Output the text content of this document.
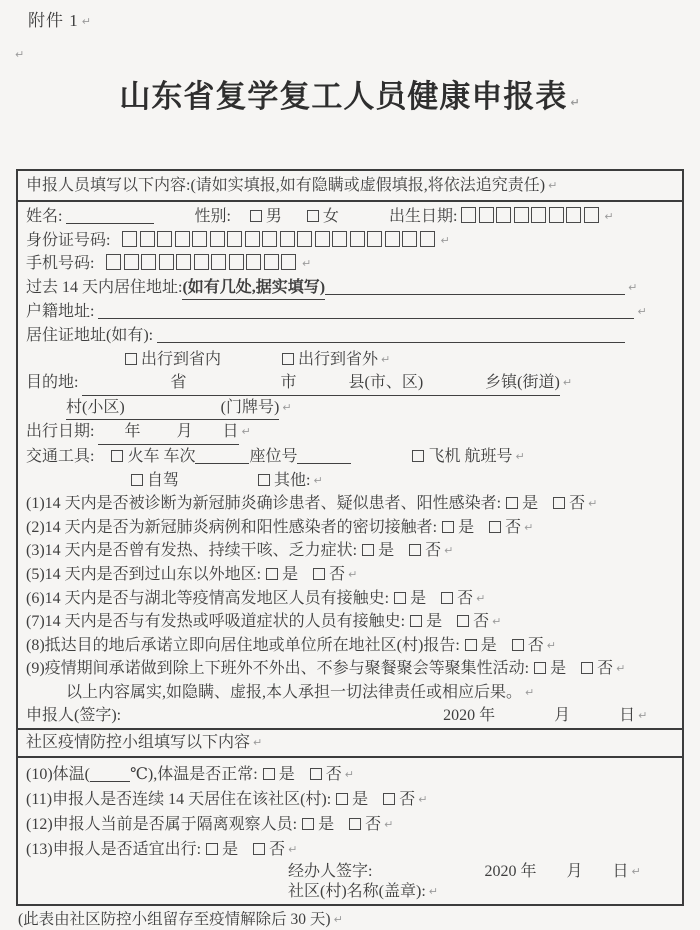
附件 1 ↵
↵
山东省复学复工人员健康申报表 ↵
申报人员填写以下内容:(请如实填报,如有隐瞒或虚假填报,将依法追究责任) ↵
姓名:	性别: 男	女	出生日期:	↵
身份证号码:	↵
手机号码:	↵
过去 14 天内居住地址:(如有几处,据实填写)	↵
户籍地址:	↵
居住证地址(如有):
出行到省内	出行到省外 ↵
目的地:	省	市	县(市、区)	乡镇(街道) ↵
村(小区)	(门牌号) ↵
出行日期: 年 月 日 ↵
交通工具: 火车 车次	座位号	飞机 航班号 ↵
自驾	其他: ↵
(1)14 天内是否被诊断为新冠肺炎确诊患者、疑似患者、阳性感染者: 是 否 ↵
(2)14 天内是否为新冠肺炎病例和阳性感染者的密切接触者: 是 否 ↵
(3)14 天内是否曾有发热、持续干咳、乏力症状: 是 否 ↵
(5)14 天内是否到过山东以外地区: 是 否 ↵
(6)14 天内是否与湖北等疫情高发地区人员有接触史: 是 否 ↵
(7)14 天内是否与有发热或呼吸道症状的人员有接触史: 是 否 ↵
(8)抵达目的地后承诺立即向居住地或单位所在地社区(村)报告: 是 否 ↵
(9)疫情期间承诺做到除上下班外不外出、不参与聚餐聚会等聚集性活动: 是 否 ↵
以上内容属实,如隐瞒、虚报,本人承担一切法律责任或相应后果。 ↵
申报人(签字):	2020 年	月	日 ↵
社区疫情防控小组填写以下内容 ↵
(10)体温(	℃),体温是否正常: 是 否 ↵
(11)申报人是否连续 14 天居住在该社区(村): 是 否 ↵
(12)申报人当前是否属于隔离观察人员: 是 否 ↵
(13)申报人是否适宜出行: 是 否 ↵
经办人签字:	2020 年 月 日 ↵
社区(村)名称(盖章): ↵
(此表由社区防控小组留存至疫情解除后 30 天) ↵
